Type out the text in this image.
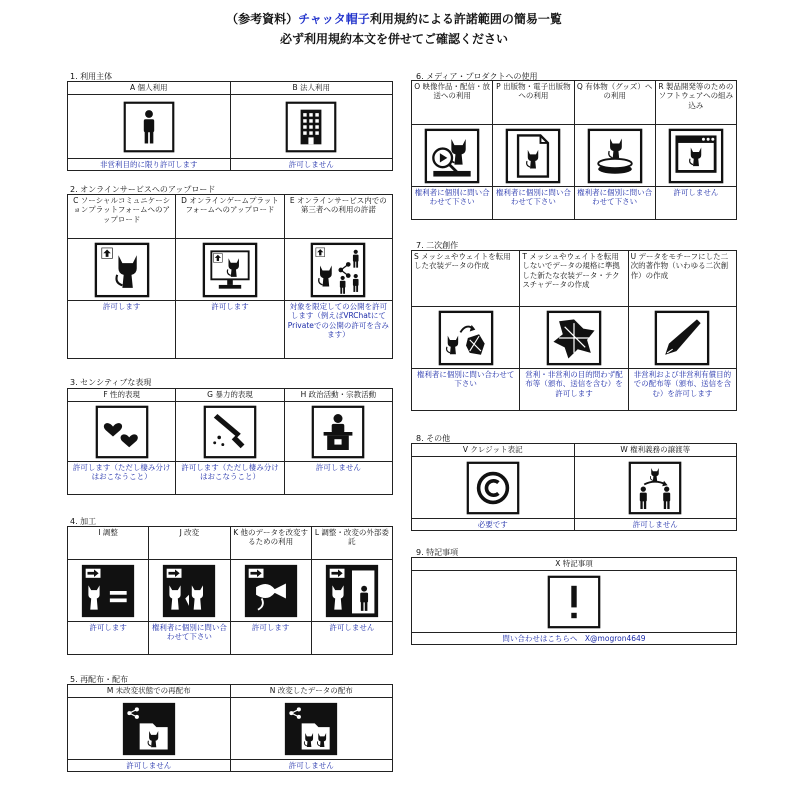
（参考資料）チャッタ帽子利用規約による許諾範囲の簡易一覧
必ず利用規約本文を併せてご確認ください
1. 利用主体
A 個人利用	B 法人利用

非営利目的に限り許可します	許可しません
2. オンラインサービスへのアップロード
C ソーシャルコミュニケーションプラットフォームへのアップロード	D オンラインゲームプラットフォームへのアップロード	E オンラインサービス内での第三者への利用の許諾

許可します	許可します	対象を限定しての公開を許可します（例えばVRChatにてPrivateでの公開の許可を含みます）
3. センシティブな表現
F 性的表現	G 暴力的表現	H 政治活動・宗教活動

許可します（ただし棲み分けはおこなうこと）	許可します（ただし棲み分けはおこなうこと）	許可しません
4. 加工
I 調整	J 改変	K 他のデータを改変するための利用	L 調整・改変の外部委託

許可します	権利者に個別に問い合わせて下さい	許可します	許可しません
5. 再配布・配布
M 未改変状態での再配布	N 改変したデータの配布

許可しません	許可しません
6. メディア・プロダクトへの使用
O 映像作品・配信・放送への利用	P 出版物・電子出版物への利用	Q 有体物（グッズ）への利用	R 製品開発等のためのソフトウェアへの組み込み

権利者に個別に問い合わせて下さい	権利者に個別に問い合わせて下さい	権利者に個別に問い合わせて下さい	許可しません
7. 二次創作
S メッシュやウェイトを転用した衣装データの作成	T メッシュやウェイトを転用しないでデータの規格に準拠した新たな衣装データ・テクスチャデータの作成	U データをモチーフにした二次的著作物（いわゆる二次創作）の作成

権利者に個別に問い合わせて下さい	営利・非営利の目的問わず配布等（頒布、送信を含む）を許可します	非営利および非営利有償目的での配布等（頒布、送信を含む）を許可します
8. その他
V クレジット表記	W 権利義務の譲渡等

必要です	許可しません
9. 特記事項
X 特記事項

問い合わせはこちらへ　X@mogron4649
